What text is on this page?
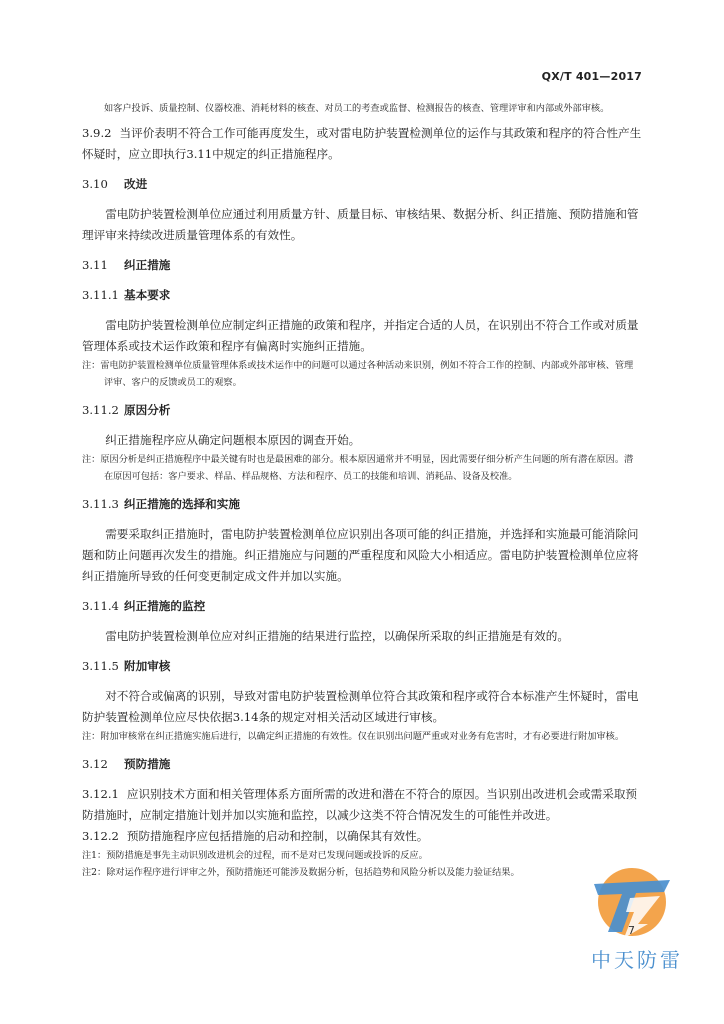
QX/T 401—2017
如客户投诉、质量控制、仪器校准、消耗材料的核查、对员工的考查或监督、检测报告的核查、管理评审和内部或外部审核。
3.9.2 当评价表明不符合工作可能再度发生，或对雷电防护装置检测单位的运作与其政策和程序的符合性产生怀疑时，应立即执行3.11中规定的纠正措施程序。
3.10 改进
雷电防护装置检测单位应通过利用质量方针、质量目标、审核结果、数据分析、纠正措施、预防措施和管理评审来持续改进质量管理体系的有效性。
3.11 纠正措施
3.11.1 基本要求
雷电防护装置检测单位应制定纠正措施的政策和程序，并指定合适的人员，在识别出不符合工作或对质量管理体系或技术运作政策和程序有偏离时实施纠正措施。
注：雷电防护装置检测单位质量管理体系或技术运作中的问题可以通过各种活动来识别，例如不符合工作的控制、内部或外部审核、管理评审、客户的反馈或员工的观察。
3.11.2 原因分析
纠正措施程序应从确定问题根本原因的调查开始。
注：原因分析是纠正措施程序中最关键有时也是最困难的部分。根本原因通常并不明显，因此需要仔细分析产生问题的所有潜在原因。潜在原因可包括：客户要求、样品、样品规格、方法和程序、员工的技能和培训、消耗品、设备及校准。
3.11.3 纠正措施的选择和实施
需要采取纠正措施时，雷电防护装置检测单位应识别出各项可能的纠正措施，并选择和实施最可能消除问题和防止问题再次发生的措施。纠正措施应与问题的严重程度和风险大小相适应。雷电防护装置检测单位应将纠正措施所导致的任何变更制定成文件并加以实施。
3.11.4 纠正措施的监控
雷电防护装置检测单位应对纠正措施的结果进行监控，以确保所采取的纠正措施是有效的。
3.11.5 附加审核
对不符合或偏离的识别，导致对雷电防护装置检测单位符合其政策和程序或符合本标准产生怀疑时，雷电防护装置检测单位应尽快依据3.14条的规定对相关活动区域进行审核。
注：附加审核常在纠正措施实施后进行，以确定纠正措施的有效性。仅在识别出问题严重或对业务有危害时，才有必要进行附加审核。
3.12 预防措施
3.12.1 应识别技术方面和相关管理体系方面所需的改进和潜在不符合的原因。当识别出改进机会或需采取预防措施时，应制定措施计划并加以实施和监控，以减少这类不符合情况发生的可能性并改进。
3.12.2 预防措施程序应包括措施的启动和控制，以确保其有效性。
注1：预防措施是事先主动识别改进机会的过程，而不是对已发现问题或投诉的反应。
注2：除对运作程序进行评审之外，预防措施还可能涉及数据分析，包括趋势和风险分析以及能力验证结果。
7
中天防雷
